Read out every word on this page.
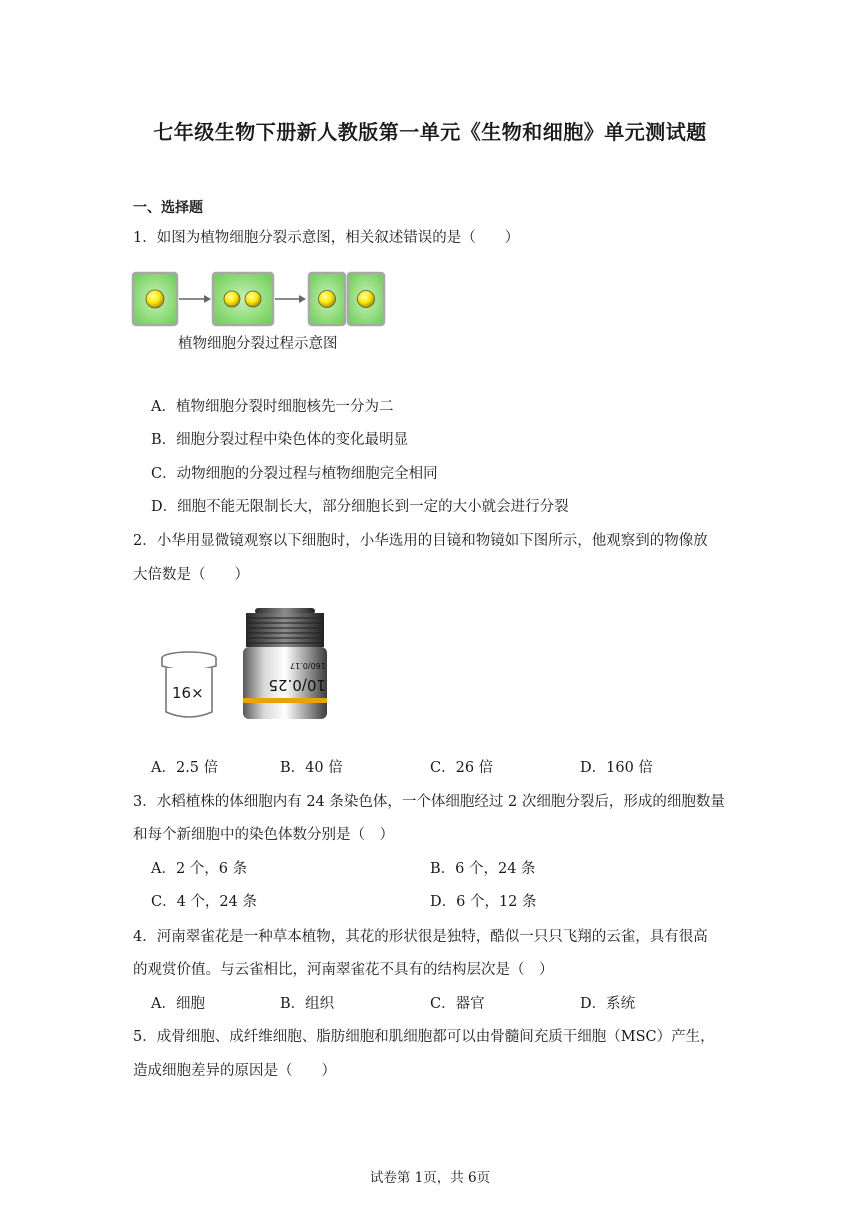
七年级生物下册新人教版第一单元《生物和细胞》单元测试题
一、选择题
1．如图为植物细胞分裂示意图，相关叙述错误的是（　　）
植物细胞分裂过程示意图
A．植物细胞分裂时细胞核先一分为二
B．细胞分裂过程中染色体的变化最明显
C．动物细胞的分裂过程与植物细胞完全相同
D．细胞不能无限制长大，部分细胞长到一定的大小就会进行分裂
2．小华用显微镜观察以下细胞时，小华选用的目镜和物镜如下图所示，他观察到的物像放
大倍数是（　　）
16×	10/0.25
160/0.17
A．2.5 倍	B．40 倍	C．26 倍	D．160 倍
3．水稻植株的体细胞内有 24 条染色体，一个体细胞经过 2 次细胞分裂后，形成的细胞数量
和每个新细胞中的染色体数分别是（　）
A．2 个，6 条	B．6 个，24 条
C．4 个，24 条	D．6 个，12 条
4．河南翠雀花是一种草本植物，其花的形状很是独特，酷似一只只飞翔的云雀，具有很高
的观赏价值。与云雀相比，河南翠雀花不具有的结构层次是（　）
A．细胞	B．组织	C．器官	D．系统
5．成骨细胞、成纤维细胞、脂肪细胞和肌细胞都可以由骨髓间充质干细胞（MSC）产生，
造成细胞差异的原因是（　　）
试卷第 1页，共 6页
